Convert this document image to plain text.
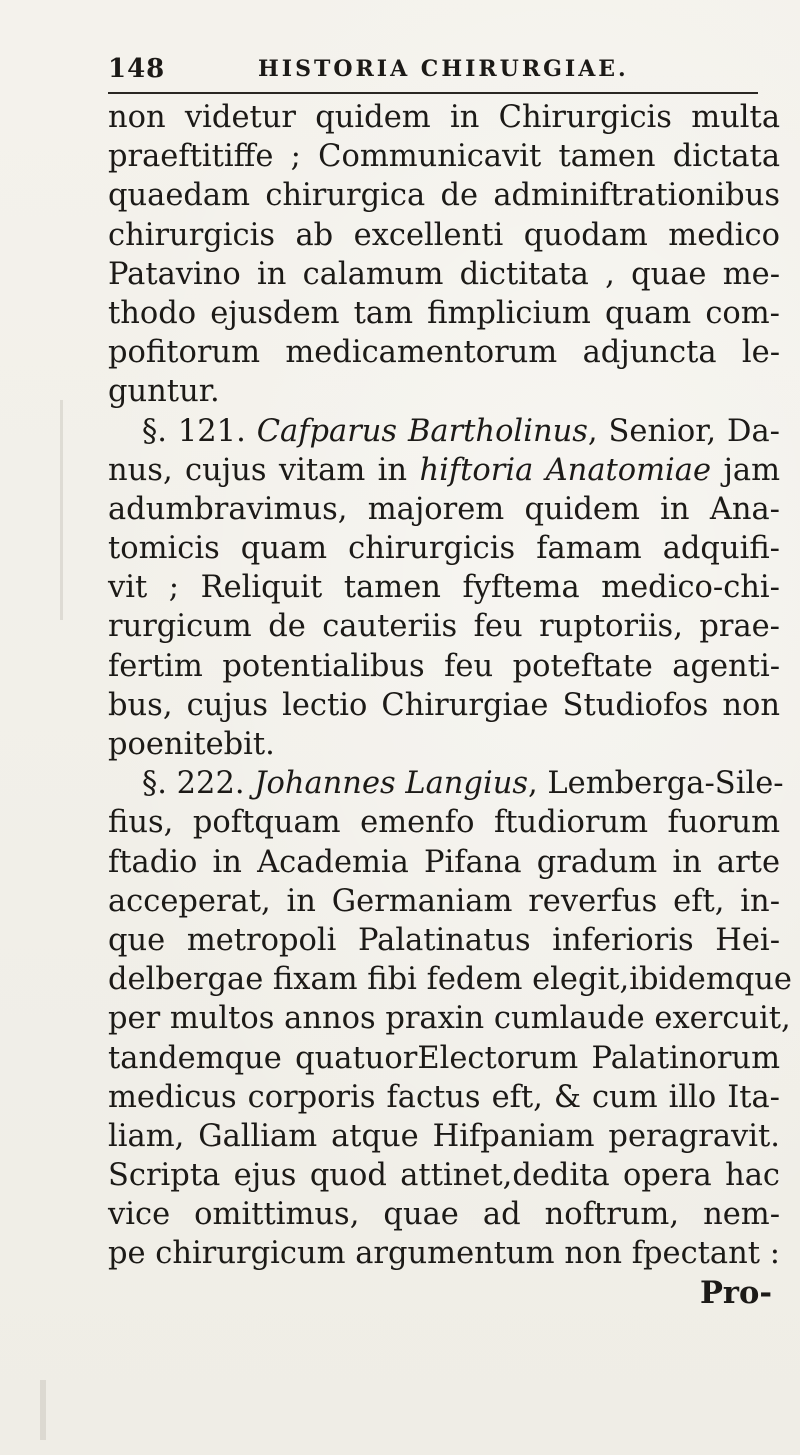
148	HISTORIA CHIRURGIAE.
non videtur quidem in Chirurgicis multa
praeftitiffe ; Communicavit tamen dictata
quaedam chirurgica de adminiftrationibus
chirurgicis ab excellenti quodam medico
Patavino in calamum dictitata , quae me-
thodo ejusdem tam fimplicium quam com-
pofitorum medicamentorum adjuncta le-
guntur.
§. 121. Cafparus Bartholinus, Senior, Da-
nus, cujus vitam in hiftoria Anatomiae jam
adumbravimus, majorem quidem in Ana-
tomicis quam chirurgicis famam adquifi-
vit ; Reliquit tamen fyftema medico-chi-
rurgicum de cauteriis feu ruptoriis, prae-
fertim potentialibus feu poteftate agenti-
bus, cujus lectio Chirurgiae Studiofos non
poenitebit.
§. 222. Johannes Langius, Lemberga-Sile-
fius, poftquam emenfo ftudiorum fuorum
ftadio in Academia Pifana gradum in arte
acceperat, in Germaniam reverfus eft, in-
que metropoli Palatinatus inferioris Hei-
delbergae fixam fibi fedem elegit,ibidemque
per multos annos praxin cumlaude exercuit,
tandemque quatuorElectorum Palatinorum
medicus corporis factus eft, & cum illo Ita-
liam, Galliam atque Hifpaniam peragravit.
Scripta ejus quod attinet,dedita opera hac
vice omittimus, quae ad noftrum, nem-
pe chirurgicum argumentum non fpectant :
Pro-
